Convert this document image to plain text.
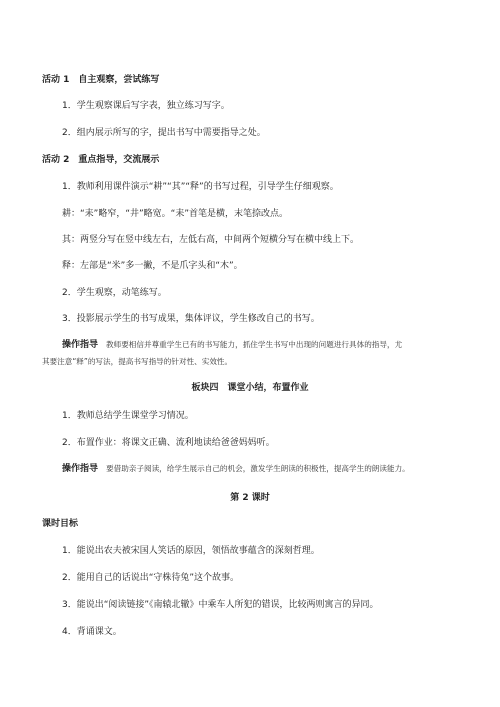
活动 1　自主观察，尝试练写
1．学生观察课后写字表，独立练习写字。
2．组内展示所写的字，提出书写中需要指导之处。
活动 2　重点指导，交流展示
1．教师利用课件演示“耕”“其”“释”的书写过程，引导学生仔细观察。
耕：“耒”略窄，“井”略宽。“耒”首笔是横，末笔捺改点。
其：两竖分写在竖中线左右，左低右高，中间两个短横分写在横中线上下。
释：左部是“米”多一撇，不是爪字头和“木”。
2．学生观察，动笔练写。
3．投影展示学生的书写成果，集体评议，学生修改自己的书写。
操作指导 教师要相信并尊重学生已有的书写能力，抓住学生书写中出现的问题进行具体的指导，尤
其要注意“释”的写法，提高书写指导的针对性、实效性。
板块四　课堂小结，布置作业
1．教师总结学生课堂学习情况。
2．布置作业：将课文正确、流利地读给爸爸妈妈听。
操作指导 要借助亲子阅读，给学生展示自己的机会，激发学生朗读的积极性，提高学生的朗读能力。
第 2 课时
课时目标
1．能说出农夫被宋国人笑话的原因，领悟故事蕴含的深刻哲理。
2．能用自己的话说出“守株待兔”这个故事。
3．能说出“阅读链接”《南辕北辙》中乘车人所犯的错误，比较两则寓言的异同。
4．背诵课文。
